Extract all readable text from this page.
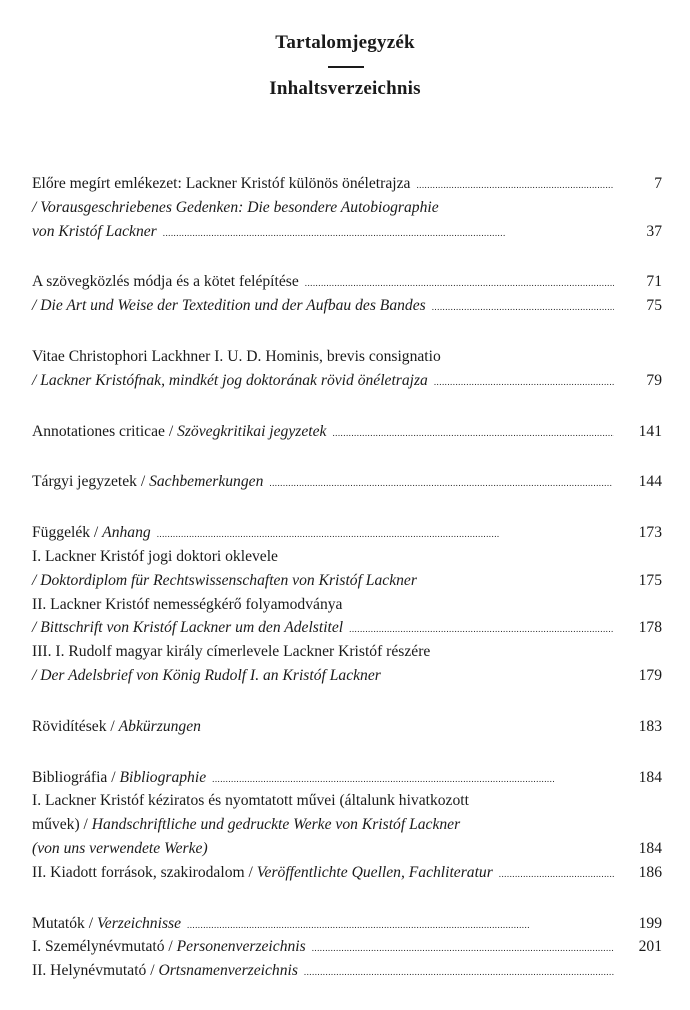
Tartalomjegyzék
Inhaltsverzeichnis
Előre megírt emlékezet: Lackner Kristóf különös önéletrajza . . .	7
/ Vorausgeschriebenes Gedenken: Die besondere Autobiographie
von Kristóf Lackner . . .	37
A szövegközlés módja és a kötet felépítése . . .	71
/ Die Art und Weise der Textedition und der Aufbau des Bandes . . .	75
Vitae Christophori Lackhner I. U. D. Hominis, brevis consignatio
/ Lackner Kristófnak, mindkét jog doktorának rövid önéletrajza . . .	79
Annotationes criticae / Szövegkritikai jegyzetek . . .	141
Tárgyi jegyzetek / Sachbemerkungen . . .	144
Függelék / Anhang . . .	173
I. Lackner Kristóf jogi doktori oklevele
/ Doktordiplom für Rechtswissenschaften von Kristóf Lackner	175
II. Lackner Kristóf nemességkérő folyamodványa
/ Bittschrift von Kristóf Lackner um den Adelstitel . . .	178
III. I. Rudolf magyar király címerlevele Lackner Kristóf részére
/ Der Adelsbrief von König Rudolf I. an Kristóf Lackner	179
Rövidítések / Abkürzungen	183
Bibliográfia / Bibliographie . . .	184
I. Lackner Kristóf kéziratos és nyomtatott művei (általunk hivatkozott
művek) / Handschriftliche und gedruckte Werke von Kristóf Lackner
(von uns verwendete Werke)	184
II. Kiadott források, szakirodalom / Veröffentlichte Quellen, Fachliteratur . . .	186
Mutatók / Verzeichnisse . . .	199
I. Személynévmutató / Personenverzeichnis . . .	201
II. Helynévmutató / Ortsnamenverzeichnis
. . .
